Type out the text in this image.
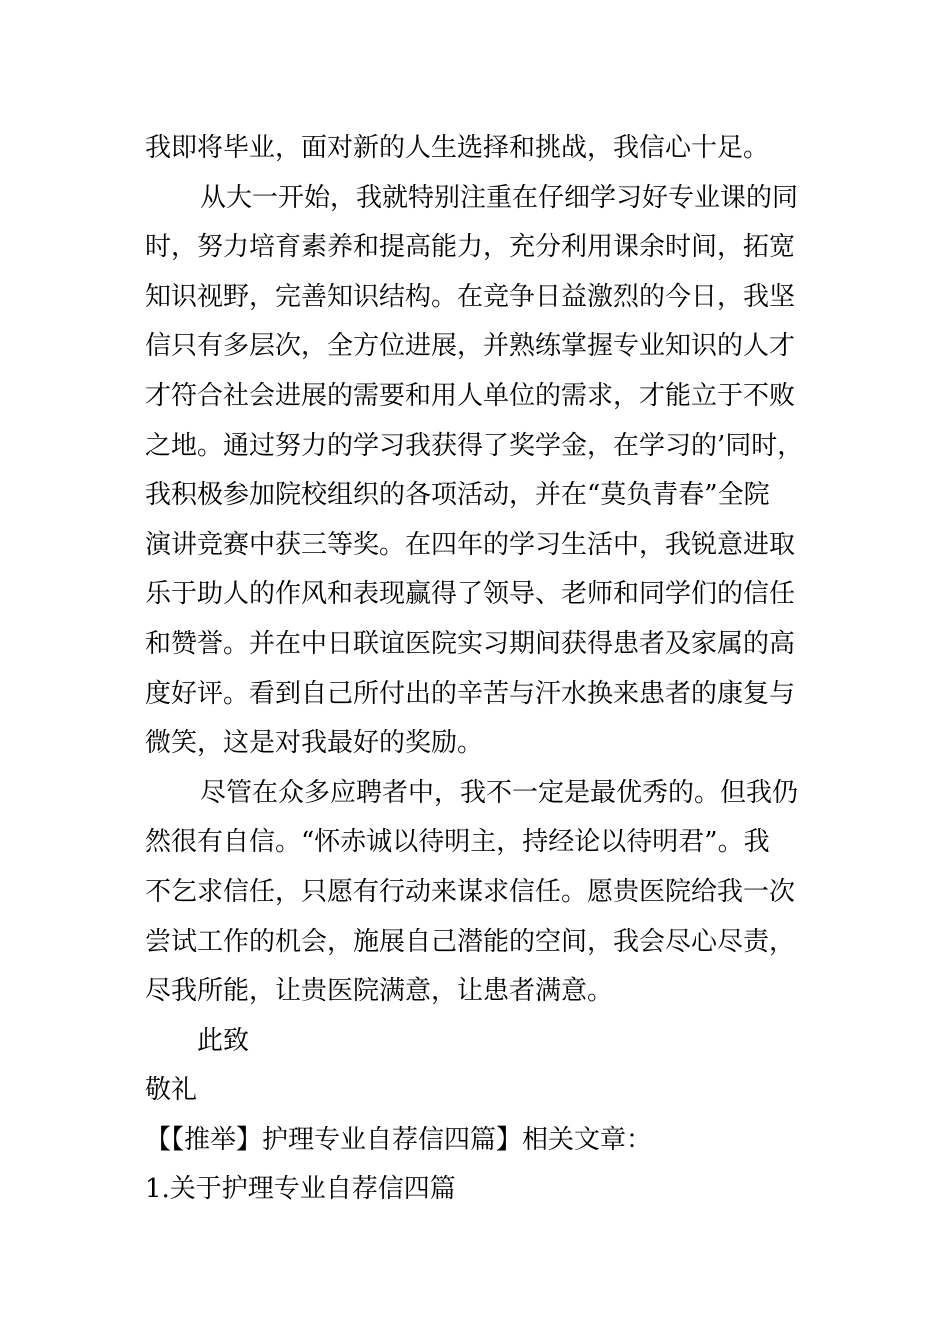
我即将毕业，面对新的人生选择和挑战，我信心十足。
从大一开始，我就特别注重在仔细学习好专业课的同
时，努力培育素养和提高能力，充分利用课余时间，拓宽
知识视野，完善知识结构。在竞争日益激烈的今日，我坚
信只有多层次，全方位进展，并熟练掌握专业知识的人才
才符合社会进展的需要和用人单位的需求，才能立于不败
之地。通过努力的学习我获得了奖学金，在学习的’同时，
我积极参加院校组织的各项活动，并在“莫负青春”全院
演讲竞赛中获三等奖。在四年的学习生活中，我锐意进取
乐于助人的作风和表现赢得了领导、老师和同学们的信任
和赞誉。并在中日联谊医院实习期间获得患者及家属的高
度好评。看到自己所付出的辛苦与汗水换来患者的康复与
微笑，这是对我最好的奖励。
尽管在众多应聘者中，我不一定是最优秀的。但我仍
然很有自信。“怀赤诚以待明主，持经论以待明君”。我
不乞求信任，只愿有行动来谋求信任。愿贵医院给我一次
尝试工作的机会，施展自己潜能的空间，我会尽心尽责，
尽我所能，让贵医院满意，让患者满意。
此致
敬礼
【【推举】护理专业自荐信四篇】相关文章：
1.关于护理专业自荐信四篇
